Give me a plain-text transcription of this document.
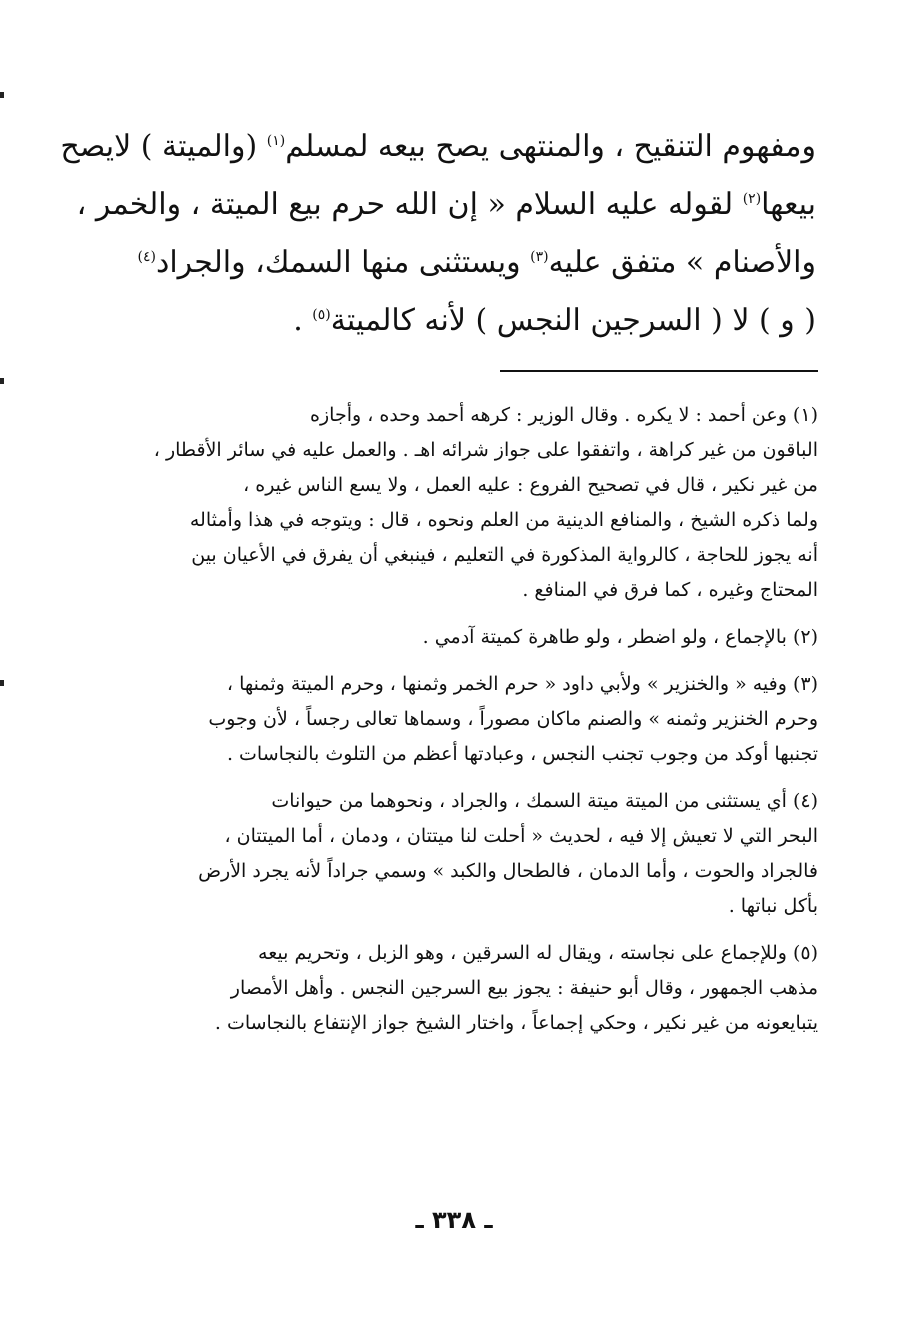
ومفهوم التنقيح ، والمنتهى يصح بيعه لمسلم$^{(١)}$ (والميتة ) لايصح
بيعها$^{(٢)}$ لقوله عليه السلام « إن الله حرم بيع الميتة ، والخمر ،
والأصنام » متفق عليه$^{(٣)}$ ويستثنى منها السمك، والجراد$^{(٤)}$
( و ) لا ( السرجين النجس ) لأنه كالميتة$^{(٥)}$ .
(١) وعن أحمد : لا يكره . وقال الوزير : كرهه أحمد وحده ، وأجازه
الباقون من غير كراهة ، واتفقوا على جواز شرائه اهـ . والعمل عليه في سائر الأقطار ،
من غير نكير ، قال في تصحيح الفروع : عليه العمل ، ولا يسع الناس غيره ،
ولما ذكره الشيخ ، والمنافع الدينية من العلم ونحوه ، قال : ويتوجه في هذا وأمثاله
أنه يجوز للحاجة ، كالرواية المذكورة في التعليم ، فينبغي أن يفرق في الأعيان بين
المحتاج وغيره ، كما فرق في المنافع .
(٢) بالإجماع ، ولو اضطر ، ولو طاهرة كميتة آدمي .
(٣) وفيه « والخنزير » ولأبي داود « حرم الخمر وثمنها ، وحرم الميتة وثمنها ،
وحرم الخنزير وثمنه » والصنم ماكان مصوراً ، وسماها تعالى رجساً ، لأن وجوب
تجنبها أوكد من وجوب تجنب النجس ، وعبادتها أعظم من التلوث بالنجاسات .
(٤) أي يستثنى من الميتة ميتة السمك ، والجراد ، ونحوهما من حيوانات
البحر التي لا تعيش إلا فيه ، لحديث « أحلت لنا ميتتان ، ودمان ، أما الميتتان ،
فالجراد والحوت ، وأما الدمان ، فالطحال والكبد » وسمي جراداً لأنه يجرد الأرض
بأكل نباتها .
(٥) وللإجماع على نجاسته ، ويقال له السرقين ، وهو الزبل ، وتحريم بيعه
مذهب الجمهور ، وقال أبو حنيفة : يجوز بيع السرجين النجس . وأهل الأمصار
يتبايعونه من غير نكير ، وحكي إجماعاً ، واختار الشيخ جواز الإنتفاع بالنجاسات .
ـ ٣٣٨ ـ
